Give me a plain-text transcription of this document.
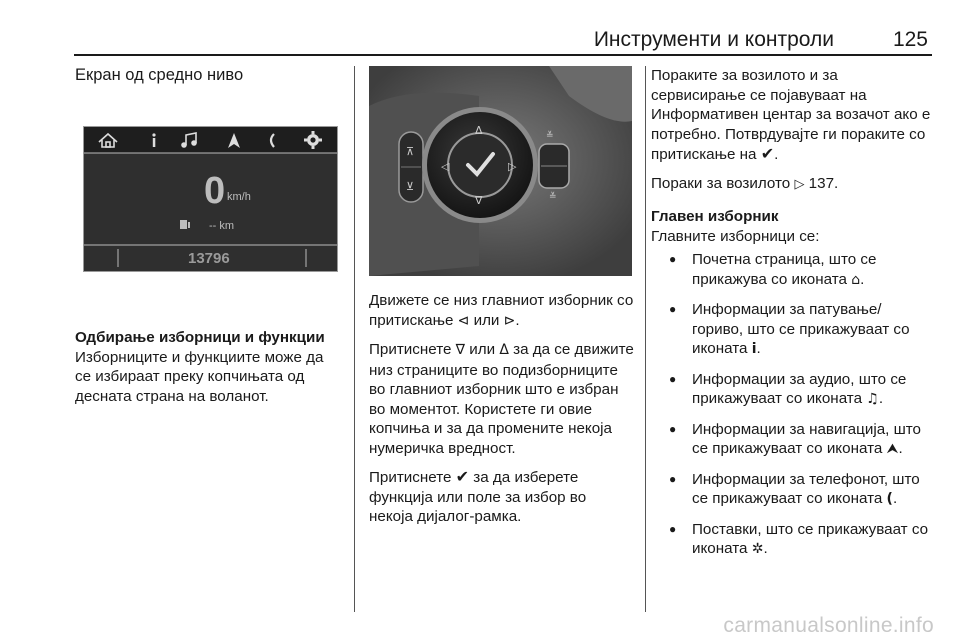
Инструменти и контроли	125
Екран од средно ниво
0 km/h
-- km
13796
Одбирање изборници и функции

Изборниците и функциите може да се избираат преку копчињата од десната страна на воланот.

⊼
⊻
Δ
∇
◁	▷
≚
≚

Движете се низ главниот изборник со притискање ⊲ или ⊳.

Притиснете ∇ или Δ за да се движите низ страниците во подизборниците во главниот изборник што е избран во моментот. Користете ги овие копчиња и за да промените некоја нумеричка вредност.

Притиснете ✔ за да изберете функција или поле за избор во некоја дијалог-рамка.

Пораките за возилото и за сервисирање се појавуваат на Информативен центар за возачот ако е потребно. Потврдувајте ги пораките со притискање на ✔.

Пораки за возилото ▷ 137.

Главен изборник
Главните изборници се:
● Почетна страница, што се прикажува со иконата ⌂.
● Информации за патување/ гориво, што се прикажуваат со иконата i.
● Информации за аудио, што се прикажуваат со иконата ♫.
● Информации за навигација, што се прикажуваат со иконата ⮝.
● Информации за телефонот, што се прикажуваат со иконата (.
● Поставки, што се прикажуваат со иконата ✲.
carmanualsonline.info
